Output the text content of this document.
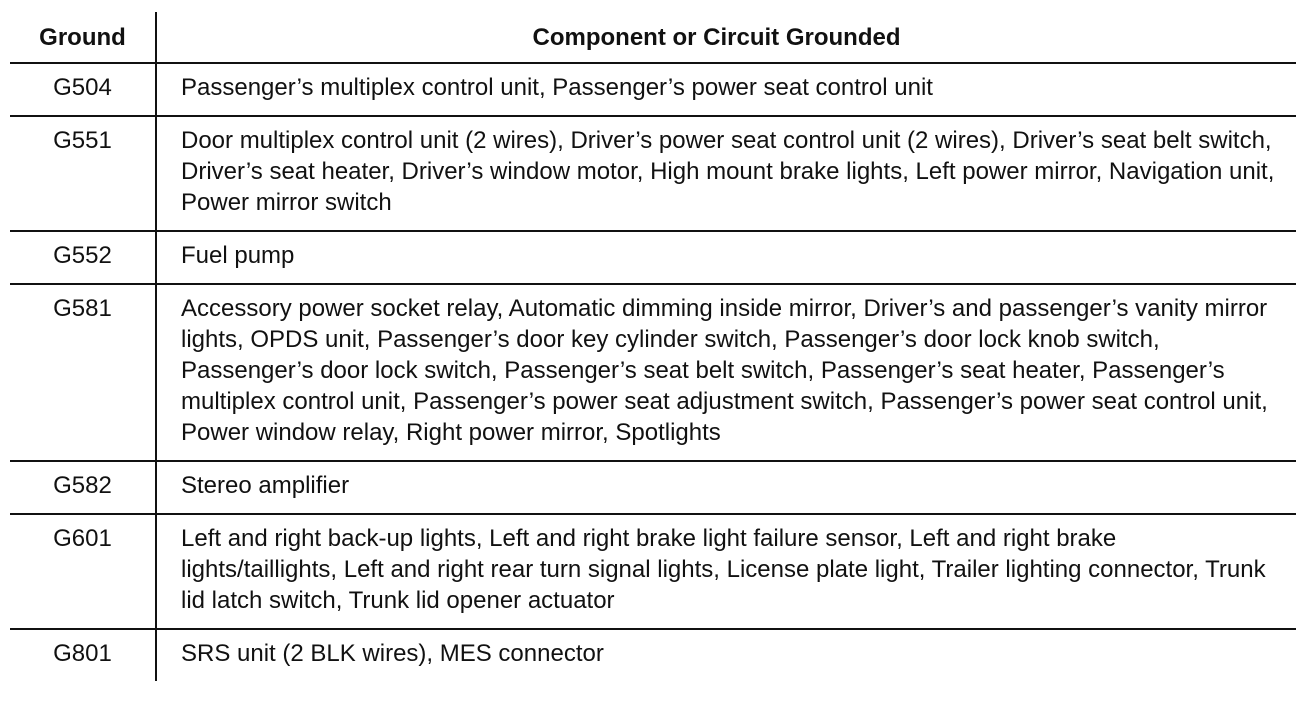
Ground	Component or Circuit Grounded
G504	Passenger’s multiplex control unit, Passenger’s power seat control unit
G551	Door multiplex control unit (2 wires), Driver’s power seat control unit (2 wires), Driver’s seat belt switch, Driver’s seat heater, Driver’s window motor, High mount brake lights, Left power mirror, Navigation unit, Power mirror switch
G552	Fuel pump
G581	Accessory power socket relay, Automatic dimming inside mirror, Driver’s and passenger’s vanity mirror lights, OPDS unit, Passenger’s door key cylinder switch, Passenger’s door lock knob switch, Passenger’s door lock switch, Passenger’s seat belt switch, Passenger’s seat heater, Passenger’s multiplex control unit, Passenger’s power seat adjustment switch, Passenger’s power seat control unit, Power window relay, Right power mirror, Spotlights
G582	Stereo amplifier
G601	Left and right back-up lights, Left and right brake light failure sensor, Left and right brake lights/taillights, Left and right rear turn signal lights, License plate light, Trailer lighting connector, Trunk lid latch switch, Trunk lid opener actuator
G801	SRS unit (2 BLK wires), MES connector
